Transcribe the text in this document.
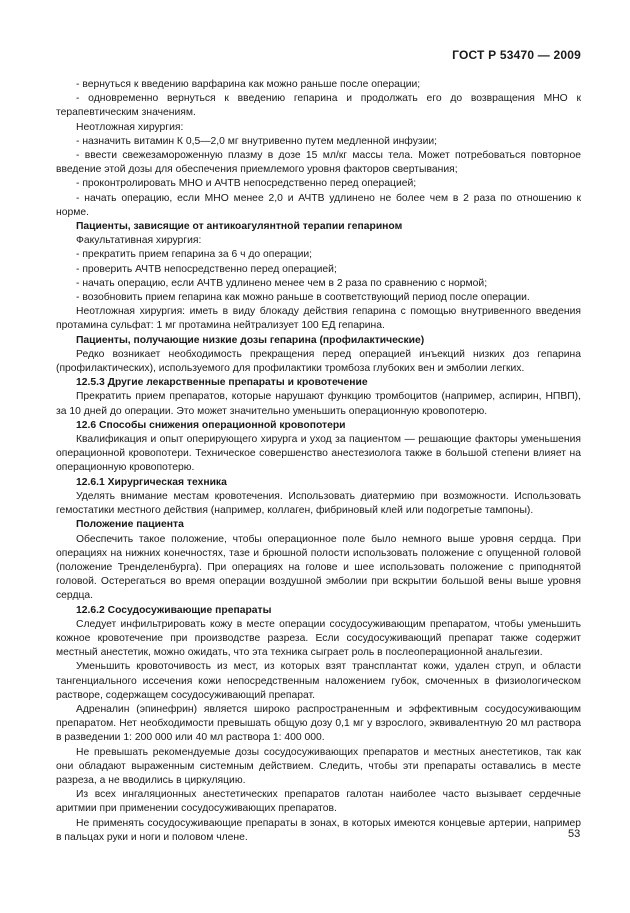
ГОСТ Р 53470 — 2009

- вернуться к введению варфарина как можно раньше после операции;

- одновременно вернуться к введению гепарина и продолжать его до возвращения МНО к терапевтическим значениям.

Неотложная хирургия:

- назначить витамин К 0,5—2,0 мг внутривенно путем медленной инфузии;

- ввести свежезамороженную плазму в дозе 15 мл/кг массы тела. Может потребоваться повторное введение этой дозы для обеспечения приемлемого уровня факторов свертывания;

- проконтролировать МНО и АЧТВ непосредственно перед операцией;

- начать операцию, если МНО менее 2,0 и АЧТВ удлинено не более чем в 2 раза по отношению к норме.

Пациенты, зависящие от антикоагулянтной терапии гепарином

Факультативная хирургия:

- прекратить прием гепарина за 6 ч до операции;

- проверить АЧТВ непосредственно перед операцией;

- начать операцию, если АЧТВ удлинено менее чем в 2 раза по сравнению с нормой;

- возобновить прием гепарина как можно раньше в соответствующий период после операции.

Неотложная хирургия: иметь в виду блокаду действия гепарина с помощью внутривенного введения протамина сульфат: 1 мг протамина нейтрализует 100 ЕД гепарина.

Пациенты, получающие низкие дозы гепарина (профилактические)

Редко возникает необходимость прекращения перед операцией инъекций низких доз гепарина (профилактических), используемого для профилактики тромбоза глубоких вен и эмболии легких.

12.5.3 Другие лекарственные препараты и кровотечение

Прекратить прием препаратов, которые нарушают функцию тромбоцитов (например, аспирин, НПВП), за 10 дней до операции. Это может значительно уменьшить операционную кровопотерю.

12.6 Способы снижения операционной кровопотери

Квалификация и опыт оперирующего хирурга и уход за пациентом — решающие факторы уменьшения операционной кровопотери. Техническое совершенство анестезиолога также в большой степени влияет на операционную кровопотерю.

12.6.1 Хирургическая техника

Уделять внимание местам кровотечения. Использовать диатермию при возможности. Использовать гемостатики местного действия (например, коллаген, фибриновый клей или подогретые тампоны).

Положение пациента

Обеспечить такое положение, чтобы операционное поле было немного выше уровня сердца. При операциях на нижних конечностях, тазе и брюшной полости использовать положение с опущенной головой (положение Тренделенбурга). При операциях на голове и шее использовать положение с приподнятой головой. Остерегаться во время операции воздушной эмболии при вскрытии большой вены выше уровня сердца.

12.6.2 Сосудосуживающие препараты

Следует инфильтрировать кожу в месте операции сосудосуживающим препаратом, чтобы уменьшить кожное кровотечение при производстве разреза. Если сосудосуживающий препарат также содержит местный анестетик, можно ожидать, что эта техника сыграет роль в послеоперационной анальгезии.

Уменьшить кровоточивость из мест, из которых взят трансплантат кожи, удален струп, и области тангенциального иссечения кожи непосредственным наложением губок, смоченных в физиологическом растворе, содержащем сосудосуживающий препарат.

Адреналин (эпинефрин) является широко распространенным и эффективным сосудосуживающим препаратом. Нет необходимости превышать общую дозу 0,1 мг у взрослого, эквивалентную 20 мл раствора в разведении 1: 200 000 или 40 мл раствора 1: 400 000.

Не превышать рекомендуемые дозы сосудосуживающих препаратов и местных анестетиков, так как они обладают выраженным системным действием. Следить, чтобы эти препараты оставались в месте разреза, а не вводились в циркуляцию.

Из всех ингаляционных анестетических препаратов галотан наиболее часто вызывает сердечные аритмии при применении сосудосуживающих препаратов.

Не применять сосудосуживающие препараты в зонах, в которых имеются концевые артерии, например в пальцах руки и ноги и половом члене.	53
